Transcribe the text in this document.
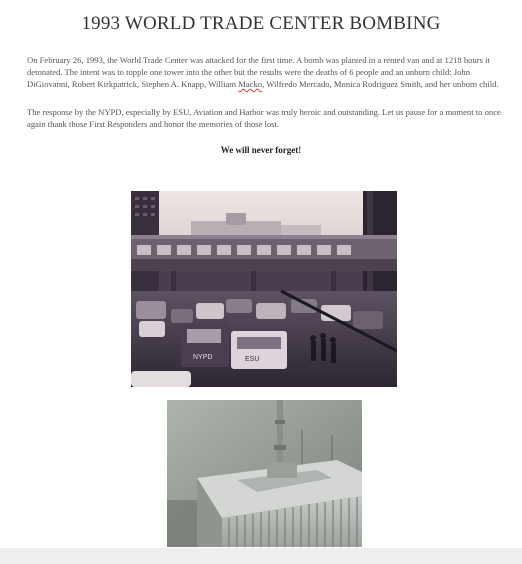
1993 WORLD TRADE CENTER BOMBING

On February 26, 1993, the World Trade Center was attacked for the first time. A bomb was planted in a rented van and at 1218 hours it detonated. The intent was to topple one tower into the other but the results were the deaths of 6 people and an unborn child: John DiGiovanni, Robert Kirkpatrick, Stephen A. Knapp, William Macko, Wilfredo Mercado, Monica Rodriguez Smith, and her unborn child.

The response by the NYPD, especially by ESU, Aviation and Harbor was truly heroic and outstanding. Let us pause for a moment to once again thank those First Responders and honor the memories of those lost.

We will never forget!
NYPD	ESU
